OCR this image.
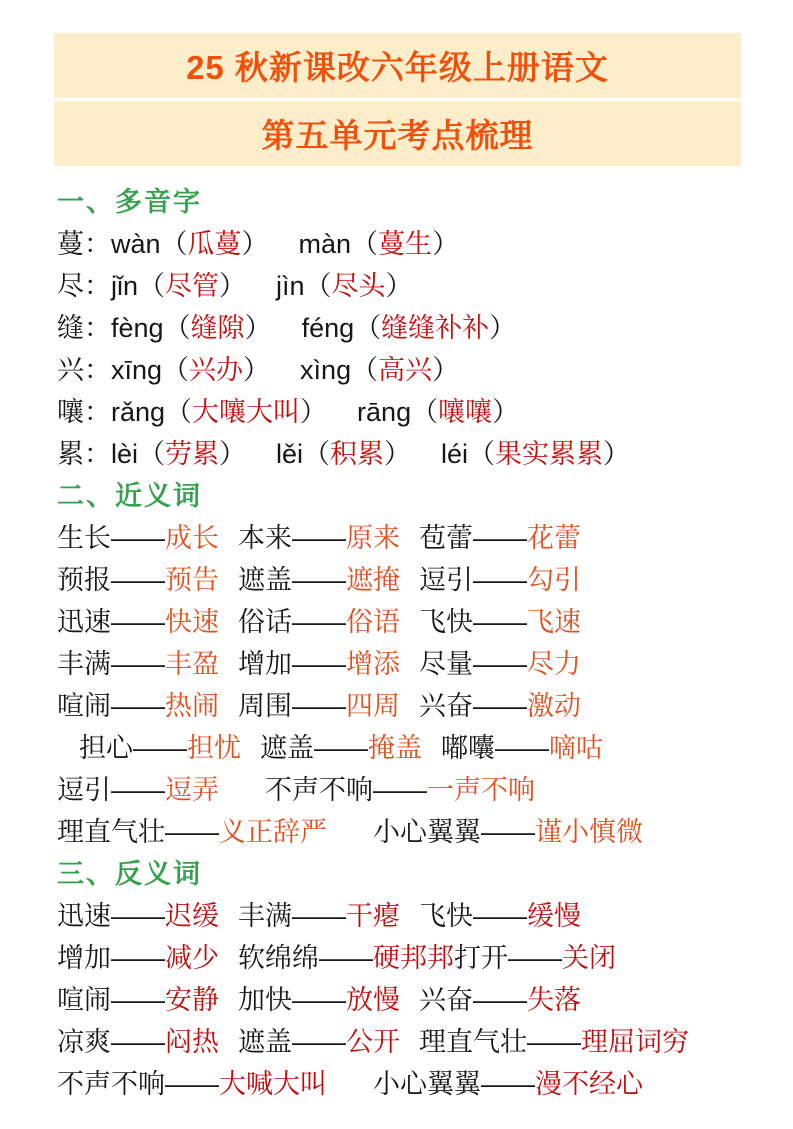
25 秋新课改六年级上册语文
第五单元考点梳理
一、多音字
蔓：wàn（瓜蔓） màn（蔓生）
尽：jǐn（尽管） jìn（尽头）
缝：fèng（缝隙） féng（缝缝补补）
兴：xīng（兴办） xìng（高兴）
嚷：rǎng（大嚷大叫） rāng（嚷嚷）
累：lèi（劳累） lěi（积累） léi（果实累累）
二、近义词
生长——成长 本来——原来 苞蕾——花蕾
预报——预告 遮盖——遮掩 逗引——勾引
迅速——快速 俗话——俗语 飞快——飞速
丰满——丰盈 增加——增添 尽量——尽力
喧闹——热闹 周围——四周 兴奋——激动
担心——担忧 遮盖——掩盖 嘟囔——嘀咕
逗引——逗弄 不声不响——一声不响
理直气壮——义正辞严 小心翼翼——谨小慎微
三、反义词
迅速——迟缓 丰满——干瘪 飞快——缓慢
增加——减少 软绵绵——硬邦邦 打开——关闭
喧闹——安静 加快——放慢 兴奋——失落
凉爽——闷热 遮盖——公开 理直气壮——理屈词穷
不声不响——大喊大叫 小心翼翼——漫不经心
